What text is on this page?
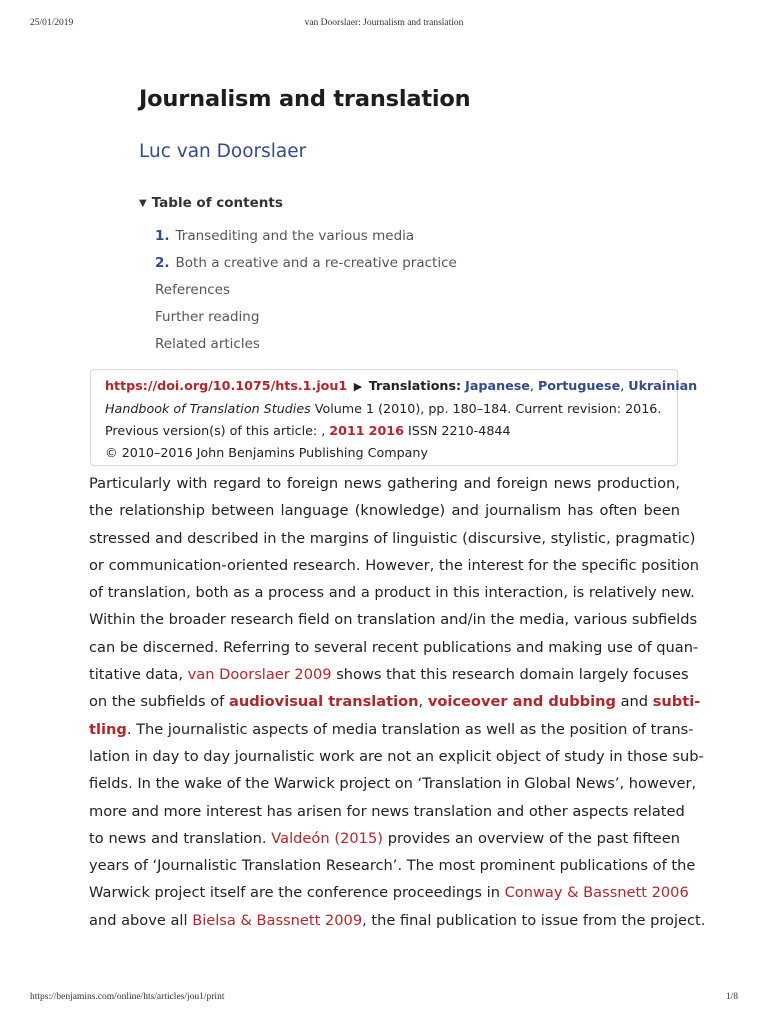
25/01/2019	van Doorslaer: Journalism and translation
Journalism and translation
Luc van Doorslaer
▼ Table of contents
1. Transediting and the various media
2. Both a creative and a re-creative practice
References
Further reading
Related articles
https://doi.org/10.1075/hts.1.jou1 ▶ Translations: Japanese, Portuguese, Ukrainian
Handbook of Translation Studies Volume 1 (2010), pp. 180–184. Current revision: 2016.
Previous version(s) of this article: , 2011 2016 ISSN 2210-4844
© 2010–2016 John Benjamins Publishing Company
Particularly with regard to foreign news gathering and foreign news production,
the relationship between language (knowledge) and journalism has often been
stressed and described in the margins of linguistic (discursive, stylistic, pragmatic)
or communication-oriented research. However, the interest for the specific position
of translation, both as a process and a product in this interaction, is relatively new.
Within the broader research field on translation and/in the media, various subfields
can be discerned. Referring to several recent publications and making use of quan-
titative data, van Doorslaer 2009 shows that this research domain largely focuses
on the subfields of audiovisual translation, voiceover and dubbing and subti-
tling. The journalistic aspects of media translation as well as the position of trans-
lation in day to day journalistic work are not an explicit object of study in those sub-
fields. In the wake of the Warwick project on ‘Translation in Global News’, however,
more and more interest has arisen for news translation and other aspects related
to news and translation. Valdeón (2015) provides an overview of the past fifteen
years of ‘Journalistic Translation Research’. The most prominent publications of the
Warwick project itself are the conference proceedings in Conway & Bassnett 2006
and above all Bielsa & Bassnett 2009, the final publication to issue from the project.
https://benjamins.com/online/hts/articles/jou1/print	1/8
